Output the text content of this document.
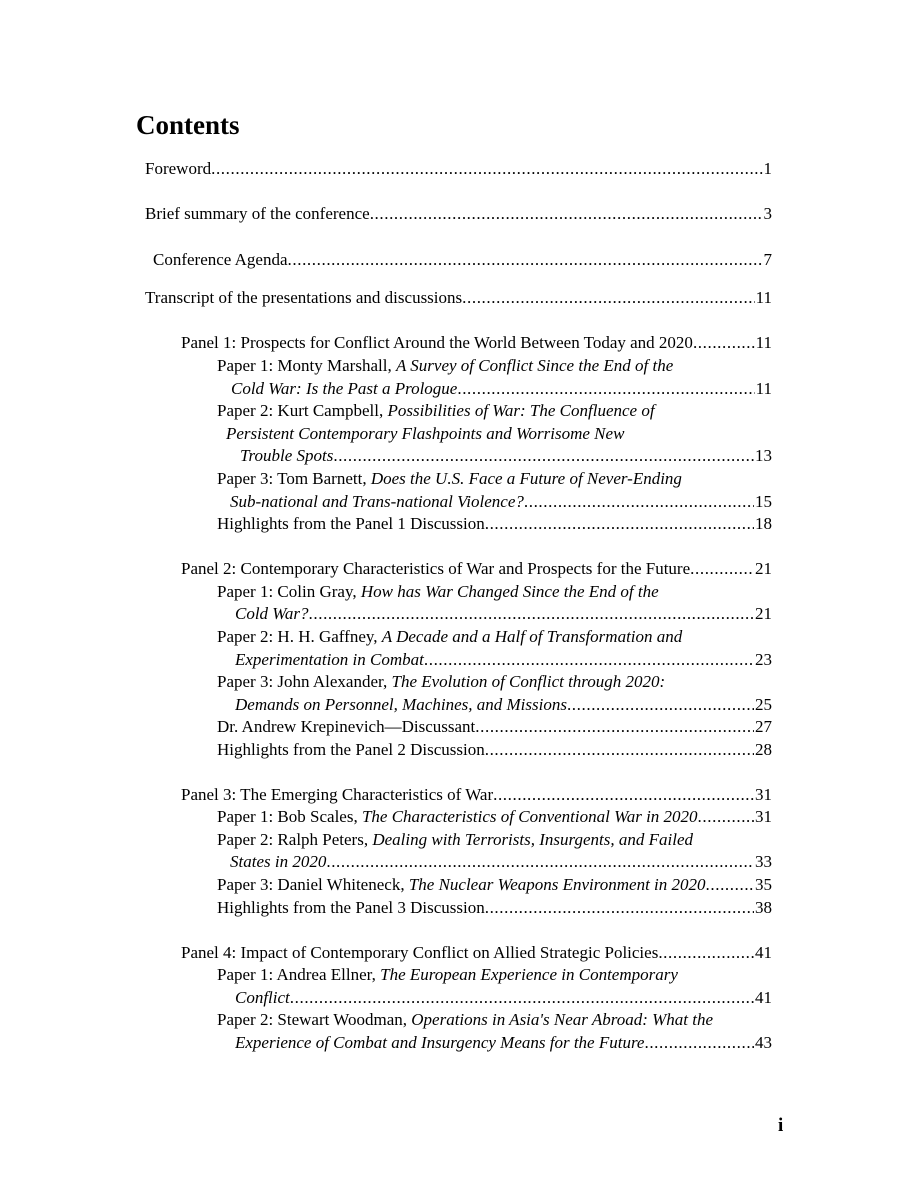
Contents
Foreword .....	1
Brief summary of the conference .....	3
Conference Agenda .....	7
Transcript of the presentations and discussions .....	11
Panel 1: Prospects for Conflict Around the World Between Today and 2020 .....	11
Paper 1: Monty Marshall, A Survey of Conflict Since the End of the
Cold War: Is the Past a Prologue .....	11
Paper 2: Kurt Campbell, Possibilities of War: The Confluence of
Persistent Contemporary Flashpoints and Worrisome New
Trouble Spots .....	13
Paper 3: Tom Barnett, Does the U.S. Face a Future of Never-Ending
Sub-national and Trans-national Violence? .....	15
Highlights from the Panel 1 Discussion .....	18
Panel 2: Contemporary Characteristics of War and Prospects for the Future .....	21
Paper 1: Colin Gray, How has War Changed Since the End of the
Cold War? .....	21
Paper 2: H. H. Gaffney, A Decade and a Half of Transformation and
Experimentation in Combat .....	23
Paper 3: John Alexander, The Evolution of Conflict through 2020:
Demands on Personnel, Machines, and Missions .....	25
Dr. Andrew Krepinevich—Discussant .....	27
Highlights from the Panel 2 Discussion .....	28
Panel 3: The Emerging Characteristics of War .....	31
Paper 1: Bob Scales, The Characteristics of Conventional War in 2020 .....	31
Paper 2: Ralph Peters, Dealing with Terrorists, Insurgents, and Failed
States in 2020 .....	33
Paper 3: Daniel Whiteneck, The Nuclear Weapons Environment in 2020 .....	35
Highlights from the Panel 3 Discussion .....	38
Panel 4: Impact of Contemporary Conflict on Allied Strategic Policies .....	41
Paper 1: Andrea Ellner, The European Experience in Contemporary
Conflict .....	41
Paper 2: Stewart Woodman, Operations in Asia's Near Abroad: What the
Experience of Combat and Insurgency Means for the Future .....	43
i
